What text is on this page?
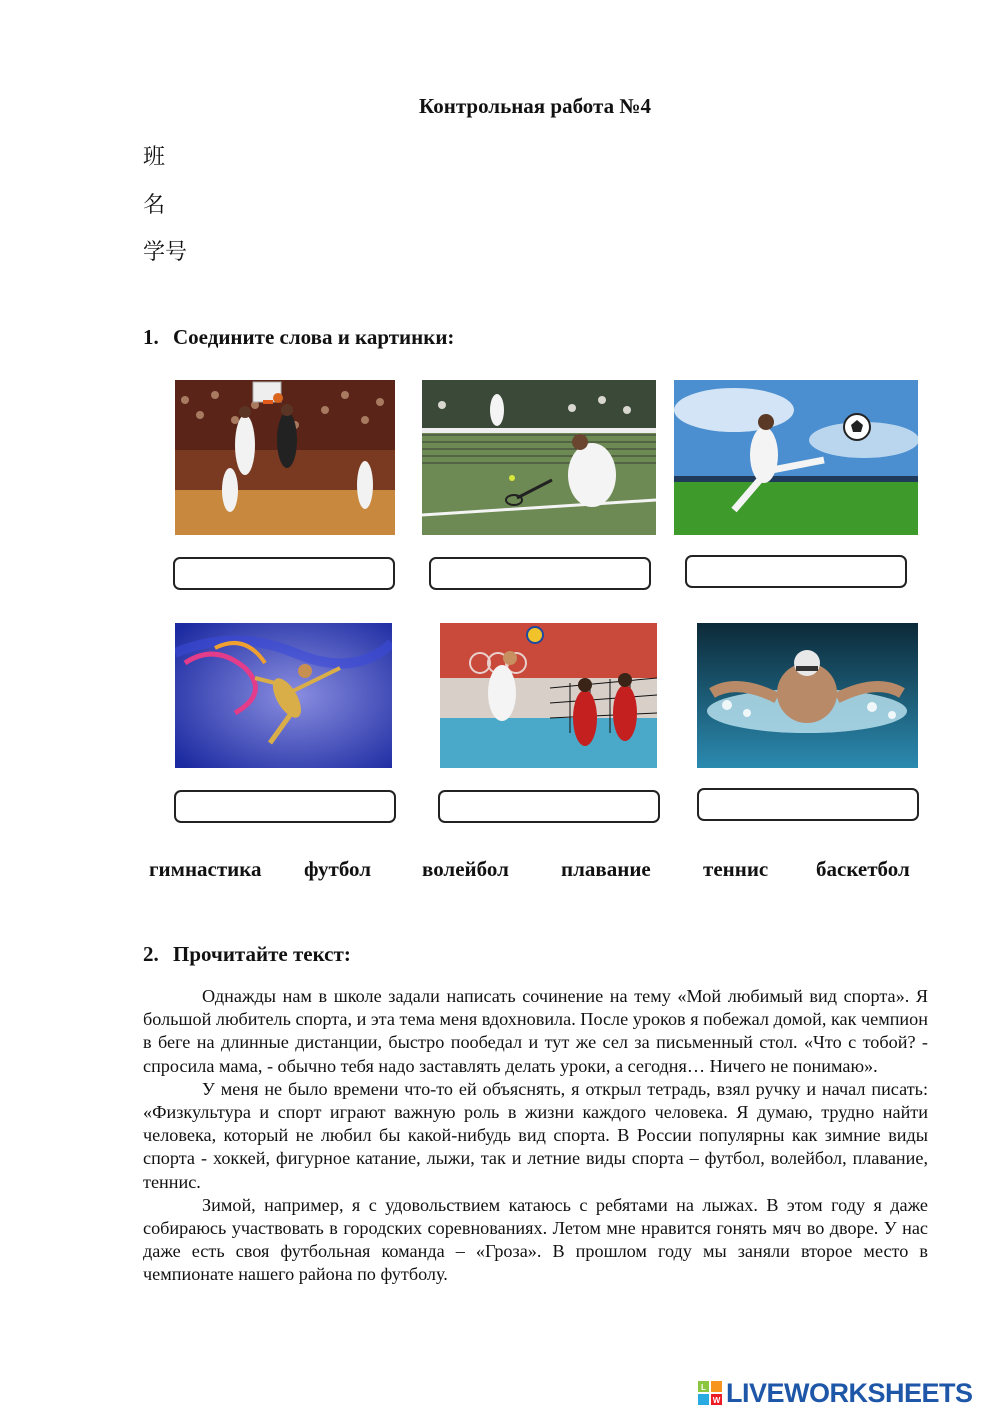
Контрольная работа №4
班
名
学号
1. Соедините слова и картинки:
гимнастика футбол волейбол плавание теннис баскетбол
2. Прочитайте текст:

Однажды нам в школе задали написать сочинение на тему «Мой любимый вид спорта». Я большой любитель спорта, и эта тема меня вдохновила. После уроков я побежал домой, как чемпион в беге на длинные дистанции, быстро пообедал и тут же сел за письменный стол. «Что с тобой? - спросила мама, - обычно тебя надо заставлять делать уроки, а сегодня… Ничего не понимаю».

У меня не было времени что-то ей объяснять, я открыл тетрадь, взял ручку и начал писать: «Физкультура и спорт играют важную роль в жизни каждого человека. Я думаю, трудно найти человека, который не любил бы какой-нибудь вид спорта. В России популярны как зимние виды спорта - хоккей, фигурное катание, лыжи, так и летние виды спорта – футбол, волейбол, плавание, теннис.

Зимой, например, я с удовольствием катаюсь с ребятами на лыжах. В этом году я даже собираюсь участвовать в городских соревнованиях. Летом мне нравится гонять мяч во дворе. У нас даже есть своя футбольная команда – «Гроза». В прошлом году мы заняли второе место в чемпионате нашего района по футболу.

L
W LIVEWORKSHEETS
